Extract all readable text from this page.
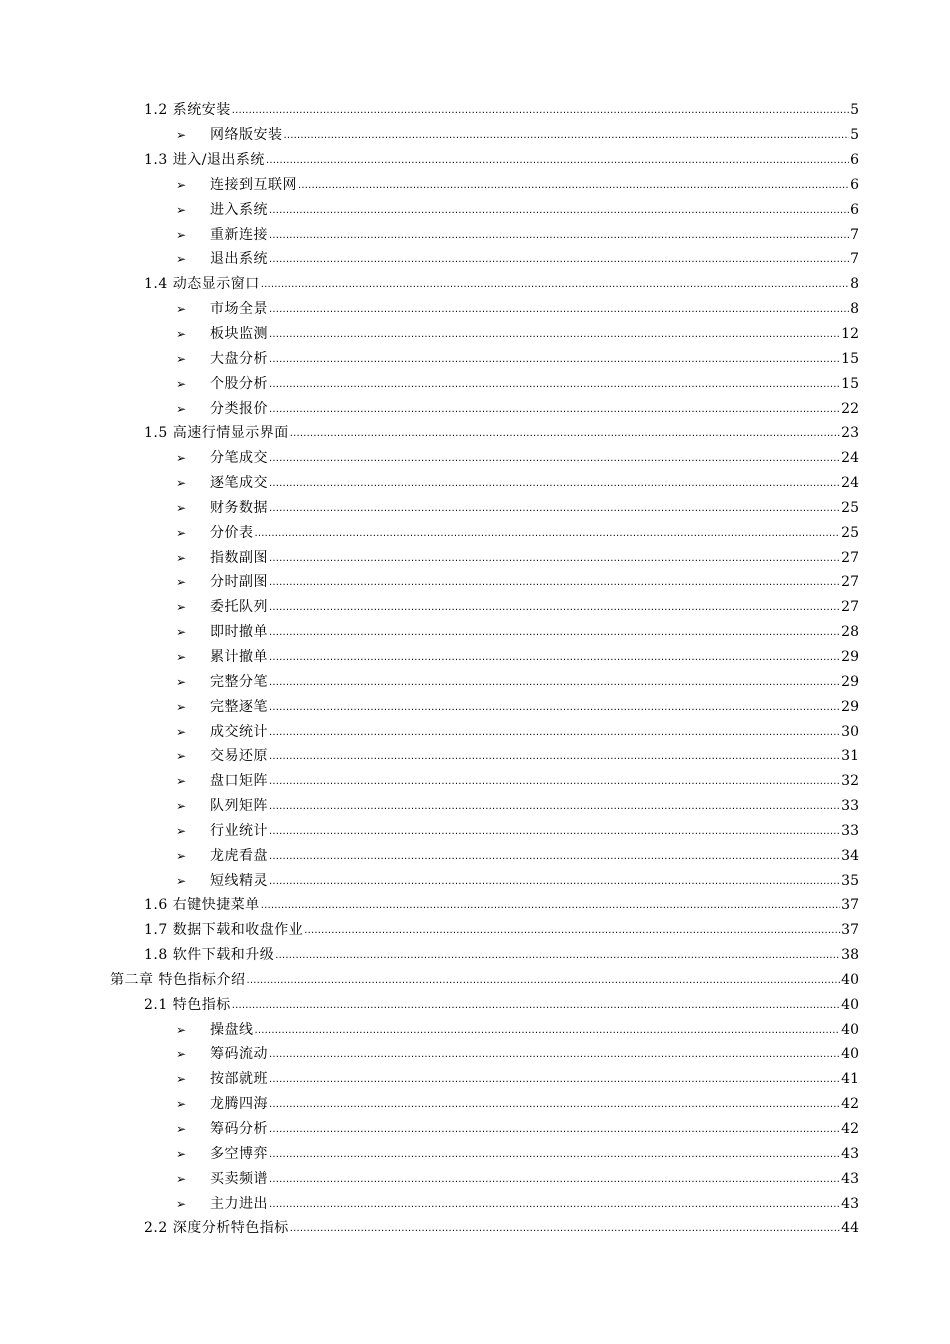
1.2 系统安装 .....	5
➢	网络版安装 .....	5
1.3 进入/退出系统 .....	6
➢	连接到互联网 .....	6
➢	进入系统 .....	6
➢	重新连接 .....	7
➢	退出系统 .....	7
1.4 动态显示窗口 .....	8
➢	市场全景 .....	8
➢	板块监测 .....	12
➢	大盘分析 .....	15
➢	个股分析 .....	15
➢	分类报价 .....	22
1.5 高速行情显示界面 .....	23
➢	分笔成交 .....	24
➢	逐笔成交 .....	24
➢	财务数据 .....	25
➢	分价表 .....	25
➢	指数副图 .....	27
➢	分时副图 .....	27
➢	委托队列 .....	27
➢	即时撤单 .....	28
➢	累计撤单 .....	29
➢	完整分笔 .....	29
➢	完整逐笔 .....	29
➢	成交统计 .....	30
➢	交易还原 .....	31
➢	盘口矩阵 .....	32
➢	队列矩阵 .....	33
➢	行业统计 .....	33
➢	龙虎看盘 .....	34
➢	短线精灵 .....	35
1.6 右键快捷菜单 .....	37
1.7 数据下载和收盘作业 .....	37
1.8 软件下载和升级 .....	38
第二章 特色指标介绍 .....	40
2.1 特色指标 .....	40
➢	操盘线 .....	40
➢	筹码流动 .....	40
➢	按部就班 .....	41
➢	龙腾四海 .....	42
➢	筹码分析 .....	42
➢	多空博弈 .....	43
➢	买卖频谱 .....	43
➢	主力进出 .....	43
2.2 深度分析特色指标 .....	44
